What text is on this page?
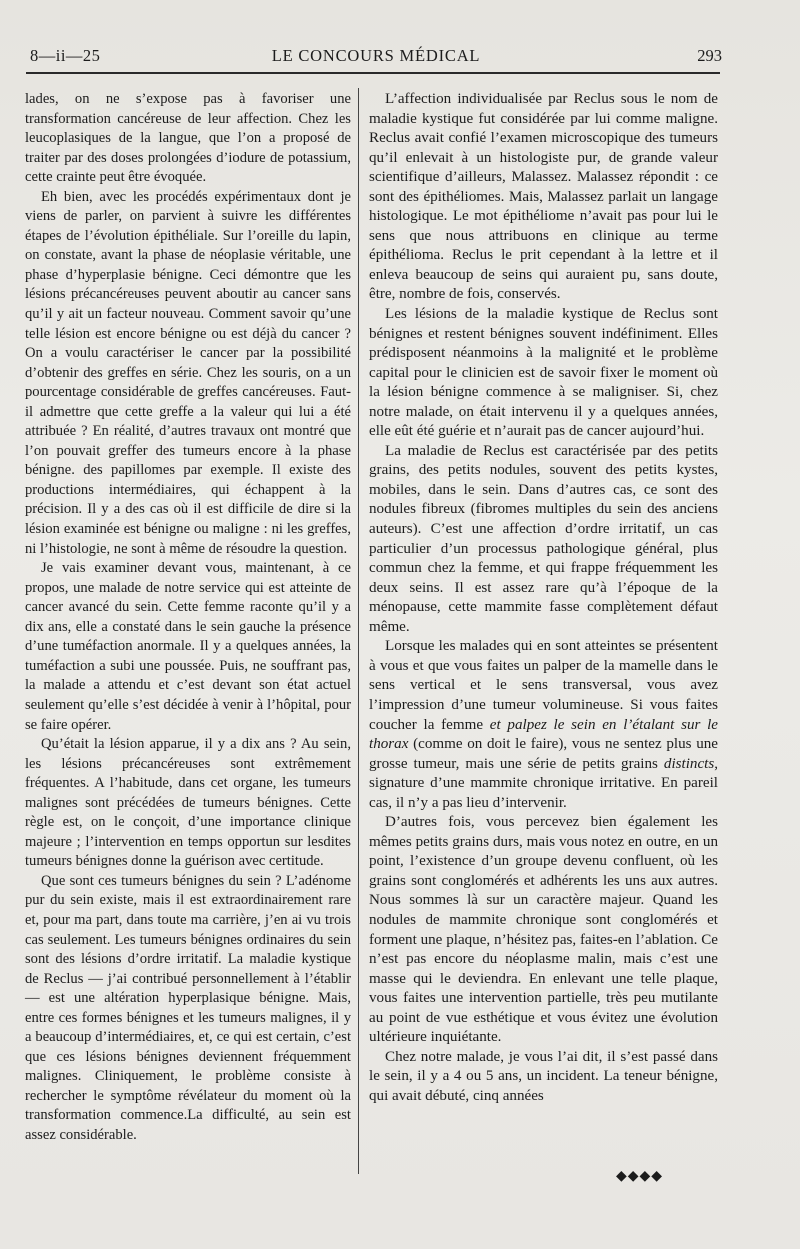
8—ii—25	LE CONCOURS MÉDICAL	293

lades, on ne s’expose pas à favoriser une transformation cancéreuse de leur affection. Chez les leucoplasiques de la langue, que l’on a proposé de traiter par des doses prolongées d’iodure de potassium, cette crainte peut être évoquée.

Eh bien, avec les procédés expérimentaux dont je viens de parler, on parvient à suivre les différentes étapes de l’évolution épithéliale. Sur l’oreille du lapin, on constate, avant la phase de néoplasie véritable, une phase d’hyperplasie bénigne. Ceci démontre que les lésions précancéreuses peuvent aboutir au cancer sans qu’il y ait un facteur nouveau. Comment savoir qu’une telle lésion est encore bénigne ou est déjà du cancer ? On a voulu caractériser le cancer par la possibilité d’obtenir des greffes en série. Chez les souris, on a un pourcentage considérable de greffes cancéreuses. Faut-il admettre que cette greffe a la valeur qui lui a été attribuée ? En réalité, d’autres travaux ont montré que l’on pouvait greffer des tumeurs encore à la phase bénigne. des papillomes par exemple. Il existe des productions intermédiaires, qui échappent à la précision. Il y a des cas où il est difficile de dire si la lésion examinée est bénigne ou maligne : ni les greffes, ni l’histologie, ne sont à même de résoudre la question.

Je vais examiner devant vous, maintenant, à ce propos, une malade de notre service qui est atteinte de cancer avancé du sein. Cette femme raconte qu’il y a dix ans, elle a constaté dans le sein gauche la présence d’une tuméfaction anormale. Il y a quelques années, la tuméfaction a subi une poussée. Puis, ne souffrant pas, la malade a attendu et c’est devant son état actuel seulement qu’elle s’est décidée à venir à l’hôpital, pour se faire opérer.

Qu’était la lésion apparue, il y a dix ans ? Au sein, les lésions précancéreuses sont extrêmement fréquentes. A l’habitude, dans cet organe, les tumeurs malignes sont précédées de tumeurs bénignes. Cette règle est, on le conçoit, d’une importance clinique majeure ; l’intervention en temps opportun sur lesdites tumeurs bénignes donne la guérison avec certitude.

Que sont ces tumeurs bénignes du sein ? L’adénome pur du sein existe, mais il est extraordinairement rare et, pour ma part, dans toute ma carrière, j’en ai vu trois cas seulement. Les tumeurs bénignes ordinaires du sein sont des lésions d’ordre irritatif. La maladie kystique de Reclus — j’ai contribué personnellement à l’établir — est une altération hyperplasique bénigne. Mais, entre ces formes bénignes et les tumeurs malignes, il y a beaucoup d’intermédiaires, et, ce qui est certain, c’est que ces lésions bénignes deviennent fréquemment malignes. Cliniquement, le problème consiste à rechercher le symptôme révélateur du moment où la transformation commence.La difficulté, au sein est assez considérable.

L’affection individualisée par Reclus sous le nom de maladie kystique fut considérée par lui comme maligne. Reclus avait confié l’examen microscopique des tumeurs qu’il enlevait à un histologiste pur, de grande valeur scientifique d’ailleurs, Malassez. Malassez répondit : ce sont des épithéliomes. Mais, Malassez parlait un langage histologique. Le mot épithéliome n’avait pas pour lui le sens que nous attribuons en clinique au terme épithélioma. Reclus le prit cependant à la lettre et il enleva beaucoup de seins qui auraient pu, sans doute, être, nombre de fois, conservés.

Les lésions de la maladie kystique de Reclus sont bénignes et restent bénignes souvent indéfiniment. Elles prédisposent néanmoins à la malignité et le problème capital pour le clinicien est de savoir fixer le moment où la lésion bénigne commence à se maligniser. Si, chez notre malade, on était intervenu il y a quelques années, elle eût été guérie et n’aurait pas de cancer aujourd’hui.

La maladie de Reclus est caractérisée par des petits grains, des petits nodules, souvent des petits kystes, mobiles, dans le sein. Dans d’autres cas, ce sont des nodules fibreux (fibromes multiples du sein des anciens auteurs). C’est une affection d’ordre irritatif, un cas particulier d’un processus pathologique général, plus commun chez la femme, et qui frappe fréquemment les deux seins. Il est assez rare qu’à l’époque de la ménopause, cette mammite fasse complètement défaut même.

Lorsque les malades qui en sont atteintes se présentent à vous et que vous faites un palper de la mamelle dans le sens vertical et le sens transversal, vous avez l’impression d’une tumeur volumineuse. Si vous faites coucher la femme et palpez le sein en l’étalant sur le thorax (comme on doit le faire), vous ne sentez plus une grosse tumeur, mais une série de petits grains distincts, signature d’une mammite chronique irritative. En pareil cas, il n’y a pas lieu d’intervenir.

D’autres fois, vous percevez bien également les mêmes petits grains durs, mais vous notez en outre, en un point, l’existence d’un groupe devenu confluent, où les grains sont conglomérés et adhérents les uns aux autres. Nous sommes là sur un caractère majeur. Quand les nodules de mammite chronique sont conglomérés et forment une plaque, n’hésitez pas, faites-en l’ablation. Ce n’est pas encore du néoplasme malin, mais c’est une masse qui le deviendra. En enlevant une telle plaque, vous faites une intervention partielle, très peu mutilante au point de vue esthétique et vous évitez une évolution ultérieure inquiétante.

Chez notre malade, je vous l’ai dit, il s’est passé dans le sein, il y a 4 ou 5 ans, un incident. La teneur bénigne, qui avait débuté, cinq années

◆◆◆◆
